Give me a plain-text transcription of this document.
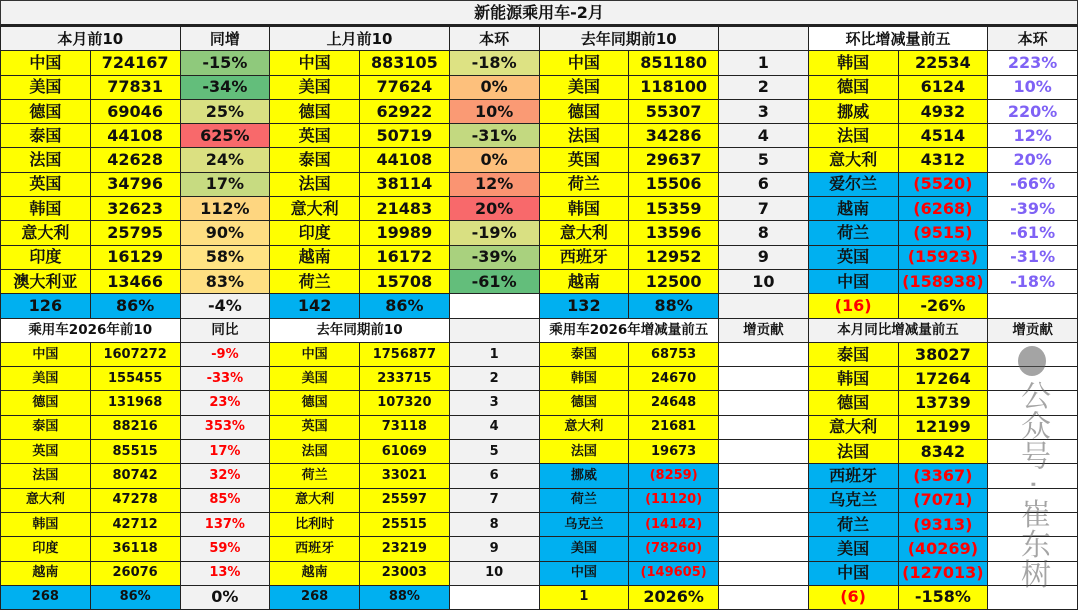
新能源乘用车-2月
本月前10		同增	上月前10		本环	去年同期前10			环比增减量前五		本环
中国	724167	-15%	中国	883105	-18%	中国	851180	1	韩国	22534	223%
美国	77831	-34%	美国	77624	0%	美国	118100	2	德国	6124	10%
德国	69046	25%	德国	62922	10%	德国	55307	3	挪威	4932	220%
泰国	44108	625%	英国	50719	-31%	法国	34286	4	法国	4514	12%
法国	42628	24%	泰国	44108	0%	英国	29637	5	意大利	4312	20%
英国	34796	17%	法国	38114	12%	荷兰	15506	6	爱尔兰	(5520)	-66%
韩国	32623	112%	意大利	21483	20%	韩国	15359	7	越南	(6268)	-39%
意大利	25795	90%	印度	19989	-19%	意大利	13596	8	荷兰	(9515)	-61%
印度	16129	58%	越南	16172	-39%	西班牙	12952	9	英国	(15923)	-31%
澳大利亚	13466	83%	荷兰	15708	-61%	越南	12500	10	中国	(158938)	-18%
126	86%	-4%	142	86%		132	88%		(16)	-26%	
乘用车2026年前10		同比	去年同期前10			乘用车2026年增减量前五		增贡献	本月同比增减量前五		增贡献
中国	1607272	-9%	中国	1756877	1	泰国	68753		泰国	38027	
美国	155455	-33%	美国	233715	2	韩国	24670		韩国	17264	
德国	131968	23%	德国	107320	3	德国	24648		德国	13739	
泰国	88216	353%	英国	73118	4	意大利	21681		意大利	12199	
英国	85515	17%	法国	61069	5	法国	19673		法国	8342	
法国	80742	32%	荷兰	33021	6	挪威	(8259)		西班牙	(3367)	
意大利	47278	85%	意大利	25597	7	荷兰	(11120)		乌克兰	(7071)	
韩国	42712	137%	比利时	25515	8	乌克兰	(14142)		荷兰	(9313)	
印度	36118	59%	西班牙	23219	9	美国	(78260)		美国	(40269)	
越南	26076	13%	越南	23003	10	中国	(149605)		中国	(127013)	
268	86%	0%	268	88%		1	2026%		(6)	-158%	
公众号 · 崔东树
